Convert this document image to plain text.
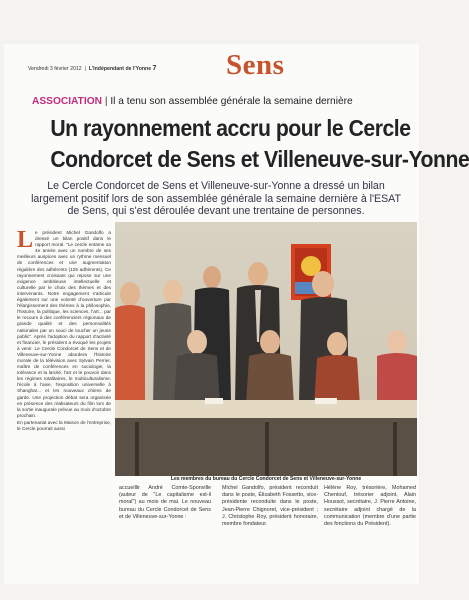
Vendredi 3 février 2012  |  L'Indépendant de l'Yonne 7 Sens
ASSOCIATION | Il a tenu son assemblée générale la semaine dernière
Un rayonnement accru pour le Cercle
Condorcet de Sens et Villeneuve-sur-Yonne
Le Cercle Condorcet de Sens et Villeneuve-sur-Yonne a dressé un bilan largement positif lors de son assemblée générale la semaine dernière à l'ESAT de Sens, qui s'est déroulée devant une trentaine de personnes.

Le président Michel Gandolfo a dressé un bilan positif dans le rapport moral. "Le cercle entame sa 4e année avec un nombre de ses meilleurs auspices avec un rythme mensuel de conférences et une augmentation régulière des adhérents (125 adhérents). Ce rayonnement croissant qui repose sur une exigence ambitieuse intellectuelle et culturelle par le choix des thèmes et des intervenants. Notre engagement s'articule également sur une volonté d'ouverture par l'élargissement des thèmes à la philosophie, l'histoire, la politique, les sciences, l'art... par le recours à des conférenciers régionaux de grande qualité et des personnalités nationales par un souci de toucher un jeune public". Après l'adoption du rapport d'activité et financier, le président a évoqué les projets à venir. Le Cercle Condorcet de Sens et de Villeneuve-sur-Yonne abordera l'histoire morale de la télévision avec Sylvain Perrier, maître de conférences en sociologie, la tolérance et la laïcité, l'art et le pouvoir dans les régimes totalitaires, le multiculturalisme, l'école à l'aise, l'exposition universelle à Shanghaï... et les nouveaux chiens de garde. Une projection débat sera organisée en présence des réalisateurs du film lors de la sortie inaugurale prévue au mois d'octobre prochain.

En partenariat avec la Maison de l'entreprise, le Cercle pourrait aussi

Les membres du bureau du Cercle Condorcet de Sens et Villeneuve-sur-Yonne

accueillir André Comte-Sponville (auteur de "Le capitalisme est-il moral") au mois de mai. Le nouveau bureau du Cercle Condorcet de Sens et de Villeneuve-sur-Yonne :

Michel Gandolfo, président reconduit dans le poste, Élisabeth Fossetto, vice-présidente reconduite dans le poste, Jean-Pierre Chignoret, vice-président ; J. Christophe Roy, président honoraire, membre fondateur.

Hélène Roy, trésorière, Mohamed Chentouf, trésorier adjoint, Alain Houssot, secrétaire, J. Pierre Antoine, secrétaire adjoint chargé de la communication (membre d'une partie des fonctions du Président).
